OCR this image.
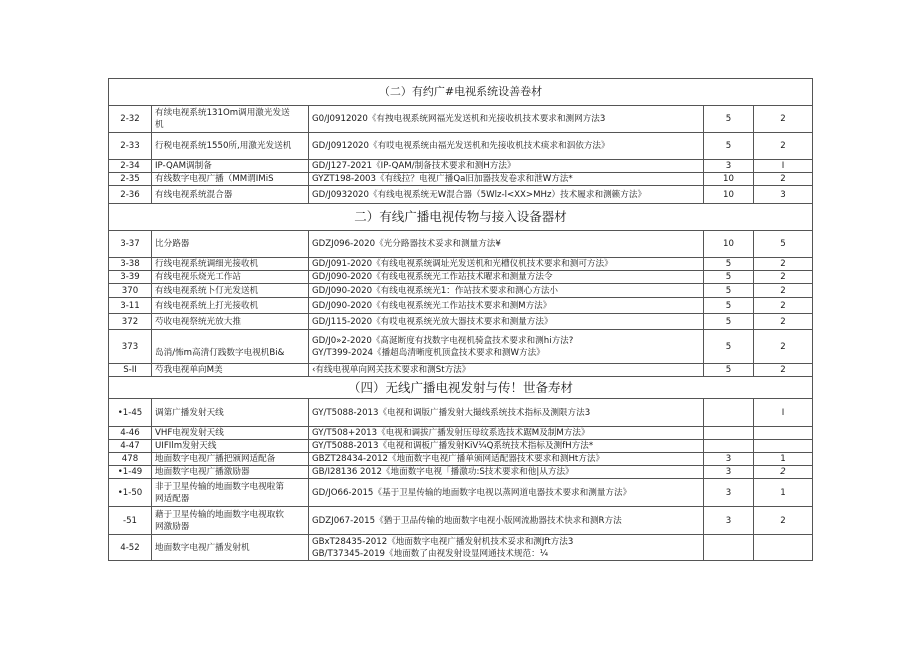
（二）有约广#电视系统设善卷材				
2-32	有续电视系统131Om调用激光发送
机	G0/J0912020《有拽电视系统网福光发送机和光接收机技术要求和测网方法3	5	2
2-33	行税电视系统1550所,用激光发送机	GD/J0912020《有哎电视系统由福光发送机和先接收机技术痰求和泅依方法》	5	2
2-34	IP-QAM调制备	GD/J127-2021《IP-QAM/制备技术要求和测H方法》	3	I
2-35	有线数字电视广播（MM谓IMiS	GYZT198-2003《有线拉？电视广播Qa旧加器技发卷求和泄W方法*	10	2
2-36	有线电视系统混合器	GD/J0932020《有线电视系统无W混合器（5Wlz-l<XX>MHz）技术履求和测籁方法》	10	3
二）有线广播电视传物与接入设备器材				
3-37	比分路器	GDZJ096-2020《光分路器技术妥求和测量方法¥	10	5
3-38	行线电视系统调细光接收机	GD/J091-2020《有线电视系统调址光发送机和光槽仪机技术要求和测可方法》	5	2
3-39	有线电视乐烧光工作站	GD/J090-2020《有线电视系统光工作站技术曜求和测量方法令	5	2
370	有线电视系统卜仃光发送机	GD/J090-2020《有线电视系统光1：作站技术要求和测心方法小	5	2
3-11	有线电视系统上打光接收机	GD/J090-2020《有线电视系统光工作站技术要求和测M方法》	5	2
372	芍收电视祭统光放大推	GD/J115-2020《有哎电视系统光放大器技术要求和测量方法》	5	2
373	岛消/怖m高清仃践数字电视机Bi&	GD/J0»2-2020《髙涎断度有找数字电视机骑盒技术要求和测hi方法?
GY/T399-2024《播超岛清晰度机顶盒技术要求和测W方法》	5	2
S-II	芍我电视单向M美	‹有线电视单向网关技术要求和测St方法》	5	2
（四）无线广播电视发射与传！世备寿材				
•1-45	调第广播发射天线	GY/T5088-2013《电视和调版广播发射大撮线系统技术指标及测限方法3		I
4-46	VHF电视发射天线	GY/T508+2013《电视和调拔广播发射压母纹系选技术踞M及制M方法》		
4-47	UIFIlm发射天线	GY/T5088-2013《电视和调板广播发射KiV¼Q系统技术指标及测fH方法*		
478	地面数字电视广播把颁网适配备	GBZT28434-2012《地面数字电视广播单颁网适配器技术要求和测Ht方法》	3	1
•1-49	地面数字电视广播激励器	GB/I28136 2012《地面数字电视「播激功:S技术要求和他|从方法》	3	2
•1-50	非于卫星传输的地面数字电视啦第
网适配器	GD/JO66-2015《基于卫星传输的地面数字电视以蒸网道电器技术要求和测量方法》	3	1
-51	藉于卫星传输的地面数字电视取软
网激励器	GDZJ067-2015《猶于卫品传输的地面数字电视小版网流勘器技术快求和测R方法	3	2
4-52	地面数字电视广播发射机	GBxT28435-2012《地面数字电视广播发射机技术妥求和测Jft方法3
GB/T37345-2019《地面数了由视发射设显网通技术规范：¼		
